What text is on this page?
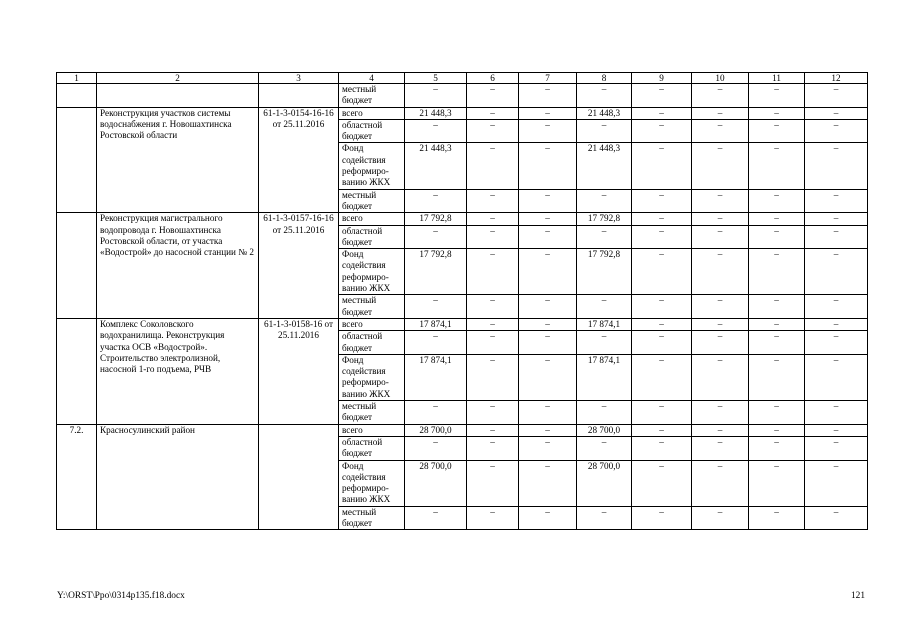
1	2	3	4	5	6	7	8	9	10	11	12
			местный бюджет	–	–	–	–	–	–	–	–
	Реконструкция участков системы водоснабжения г. Новошахтинска Ростовской области	61-1-3-0154-16-16 от 25.11.2016	всего	21 448,3	–	–	21 448,3	–	–	–	–
			областной бюджет	–	–	–	–	–	–	–	–
			Фонд содействия реформиро-ванию ЖКХ	21 448,3	–	–	21 448,3	–	–	–	–
			местный бюджет	–	–	–	–	–	–	–	–
	Реконструкция магистрального водопровода г. Новошахтинска Ростовской области, от участка «Водострой» до насосной станции № 2	61-1-3-0157-16-16 от 25.11.2016	всего	17 792,8	–	–	17 792,8	–	–	–	–
			областной бюджет	–	–	–	–	–	–	–	–
			Фонд содействия реформиро-ванию ЖКХ	17 792,8	–	–	17 792,8	–	–	–	–
			местный бюджет	–	–	–	–	–	–	–	–
	Комплекс Соколовского водохранилища. Реконструкция участка ОСВ «Водострой». Строительство электролизной, насосной 1-го подъема, РЧВ	61-1-3-0158-16 от 25.11.2016	всего	17 874,1	–	–	17 874,1	–	–	–	–
			областной бюджет	–	–	–	–	–	–	–	–
			Фонд содействия реформиро-ванию ЖКХ	17 874,1	–	–	17 874,1	–	–	–	–
			местный бюджет	–	–	–	–	–	–	–	–
7.2.	Красносулинский район		всего	28 700,0	–	–	28 700,0	–	–	–	–
			областной бюджет	–	–	–	–	–	–	–	–
			Фонд содействия реформиро-ванию ЖКХ	28 700,0	–	–	28 700,0	–	–	–	–
			местный бюджет	–	–	–	–	–	–	–	–
Y:\ORST\Ppo\0314p135.f18.docx	121
